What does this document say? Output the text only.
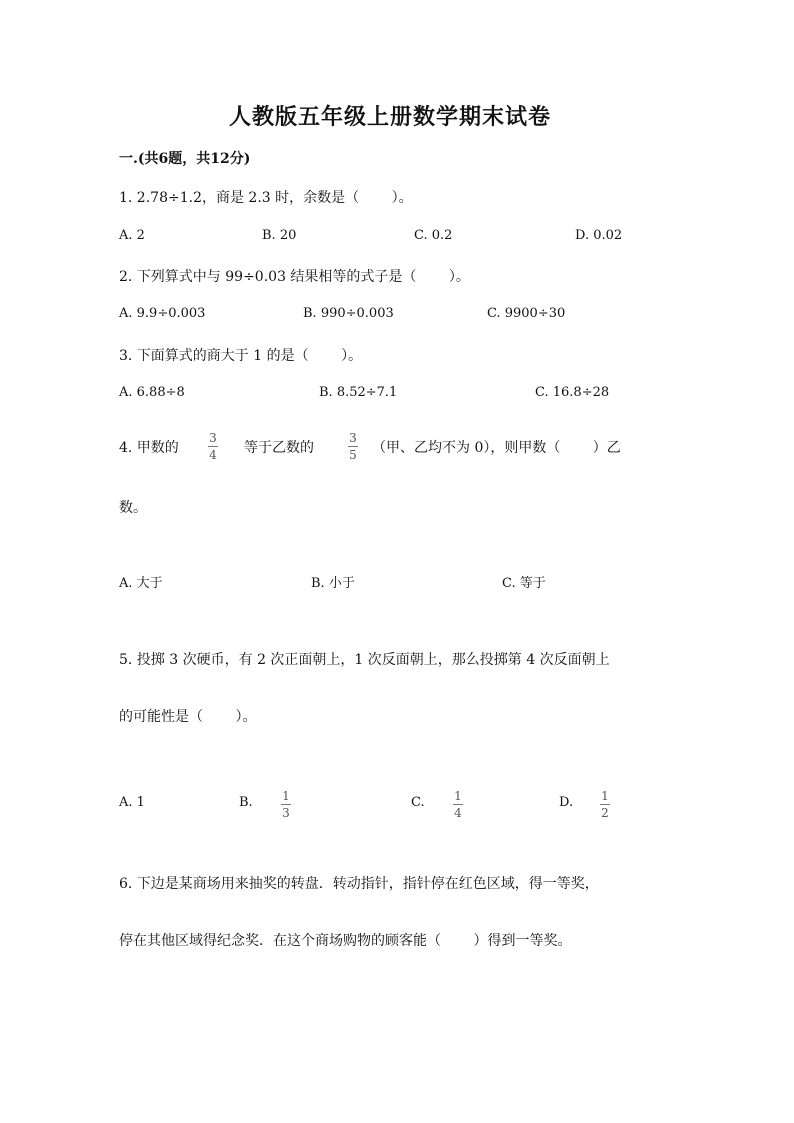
人教版五年级上册数学期末试卷
一.(共6题，共12分)
1. 2.78÷1.2，商是 2.3 时，余数是（　　 ）。
A. 2	B. 20	C. 0.2	D. 0.02
2. 下列算式中与 99÷0.03 结果相等的式子是（　　 ）。
A. 9.9÷0.003	B. 990÷0.003	C. 9900÷30
3. 下面算式的商大于 1 的是（　　 ）。
A. 6.88÷8	B. 8.52÷7.1	C. 16.8÷28
4. 甲数的
3
4 等于乙数的
3
5 （甲、乙均不为 0），则甲数（　　 ）乙
数。
A. 大于	B. 小于	C. 等于
5. 投掷 3 次硬币，有 2 次正面朝上，1 次反面朝上，那么投掷第 4 次反面朝上
的可能性是（　　 ）。
A. 1	B. 1
3
C. 1
4
D. 1
2
6. 下边是某商场用来抽奖的转盘．转动指针，指针停在红色区域，得一等奖，
停在其他区域得纪念奖．在这个商场购物的顾客能（　　 ）得到一等奖。
